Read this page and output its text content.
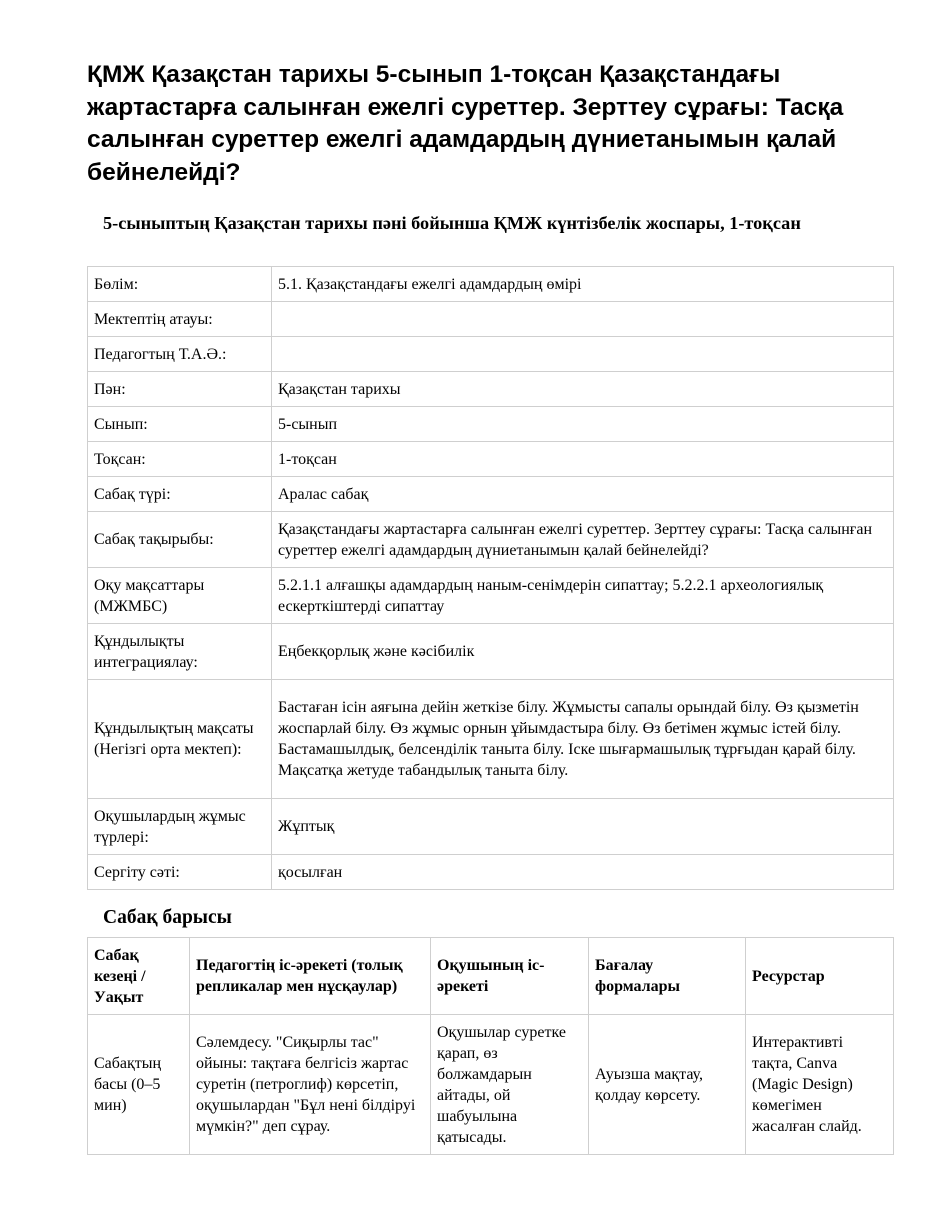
ҚМЖ Қазақстан тарихы 5-сынып 1-тоқсан Қазақстандағы жартастарға салынған ежелгі суреттер. Зерттеу сұрағы: Тасқа салынған суреттер ежелгі адамдардың дүниетанымын қалай бейнелейді?
5-сыныптың Қазақстан тарихы пәні бойынша ҚМЖ күнтізбелік жоспары, 1-тоқсан
Бөлім:	5.1. Қазақстандағы ежелгі адамдардың өмірі
Мектептің атауы:	
Педагогтың Т.А.Ә.:	
Пән:	Қазақстан тарихы
Сынып:	5-сынып
Тоқсан:	1-тоқсан
Сабақ түрі:	Аралас сабақ
Сабақ тақырыбы:	Қазақстандағы жартастарға салынған ежелгі суреттер. Зерттеу сұрағы: Тасқа салынған суреттер ежелгі адамдардың дүниетанымын қалай бейнелейді?
Оқу мақсаттары (МЖМБС)	5.2.1.1 алғашқы адамдардың наным-сенімдерін сипаттау; 5.2.2.1 археологиялық ескерткіштерді сипаттау
Құндылықты интеграциялау:	Еңбекқорлық және кәсібилік
Құндылықтың мақсаты (Негізгі орта мектеп):	Бастаған ісін аяғына дейін жеткізе білу. Жұмысты сапалы орындай білу. Өз қызметін жоспарлай білу. Өз жұмыс орнын ұйымдастыра білу. Өз бетімен жұмыс істей білу. Бастамашылдық, белсенділік таныта білу. Іске шығармашылық тұрғыдан қарай білу. Мақсатқа жетуде табандылық таныта білу.
Оқушылардың жұмыс түрлері:	Жұптық
Сергіту сәті:	қосылған
Сабақ барысы
Сабақ кезеңі / Уақыт	Педагогтің іс-әрекеті (толық репликалар мен нұсқаулар)	Оқушының іс-әрекеті	Бағалау формалары	Ресурстар
Сабақтың басы (0–5 мин)	Сәлемдесу. "Сиқырлы тас" ойыны: тақтаға белгісіз жартас суретін (петроглиф) көрсетіп, оқушылардан "Бұл нені білдіруі мүмкін?" деп сұрау.	Оқушылар суретке қарап, өз болжамдарын айтады, ой шабуылына қатысады.	Ауызша мақтау, қолдау көрсету.	Интерактивті тақта, Canva (Magic Design) көмегімен жасалған слайд.
